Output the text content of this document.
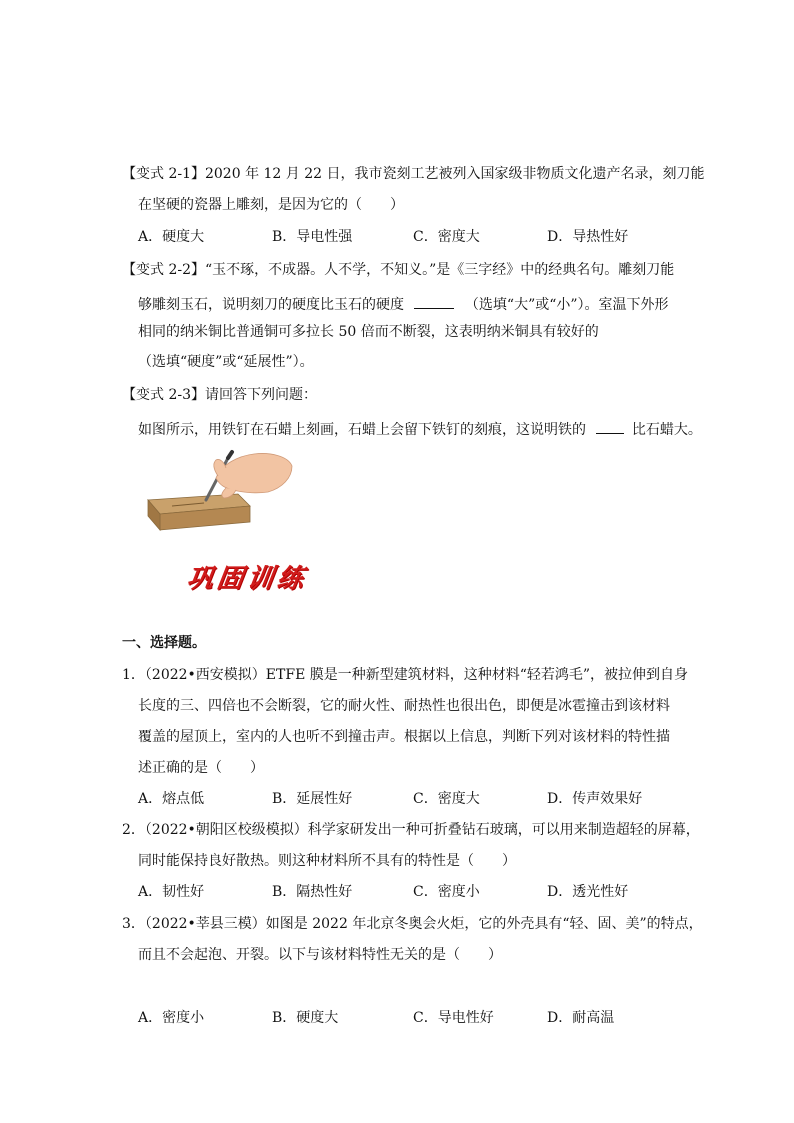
【变式 2-1】2020 年 12 月 22 日，我市瓷刻工艺被列入国家级非物质文化遗产名录，刻刀能
在坚硬的瓷器上雕刻，是因为它的（　　）
A．硬度大	B．导电性强	C．密度大	D．导热性好
【变式 2-2】“玉不琢，不成器。人不学，不知义。”是《三字经》中的经典名句。雕刻刀能
够雕刻玉石，说明刻刀的硬度比玉石的硬度	（选填“大”或“小”）。室温下外形
相同的纳米铜比普通铜可多拉长 50 倍而不断裂，这表明纳米铜具有较好的
（选填“硬度”或“延展性”）。
【变式 2-3】请回答下列问题：
如图所示，用铁钉在石蜡上刻画，石蜡上会留下铁钉的刻痕，这说明铁的	比石蜡大。
巩固训练
一、选择题。
1．（2022•西安模拟）ETFE 膜是一种新型建筑材料，这种材料“轻若鸿毛”，被拉伸到自身
长度的三、四倍也不会断裂，它的耐火性、耐热性也很出色，即便是冰雹撞击到该材料
覆盖的屋顶上，室内的人也听不到撞击声。根据以上信息，判断下列对该材料的特性描
述正确的是（　　）
A．熔点低	B．延展性好	C．密度大	D．传声效果好
2．（2022•朝阳区校级模拟）科学家研发出一种可折叠钻石玻璃，可以用来制造超轻的屏幕，
同时能保持良好散热。则这种材料所不具有的特性是（　　）
A．韧性好	B．隔热性好	C．密度小	D．透光性好
3．（2022•莘县三模）如图是 2022 年北京冬奥会火炬，它的外壳具有“轻、固、美”的特点，
而且不会起泡、开裂。以下与该材料特性无关的是（　　）
A．密度小	B．硬度大	C．导电性好	D．耐高温
